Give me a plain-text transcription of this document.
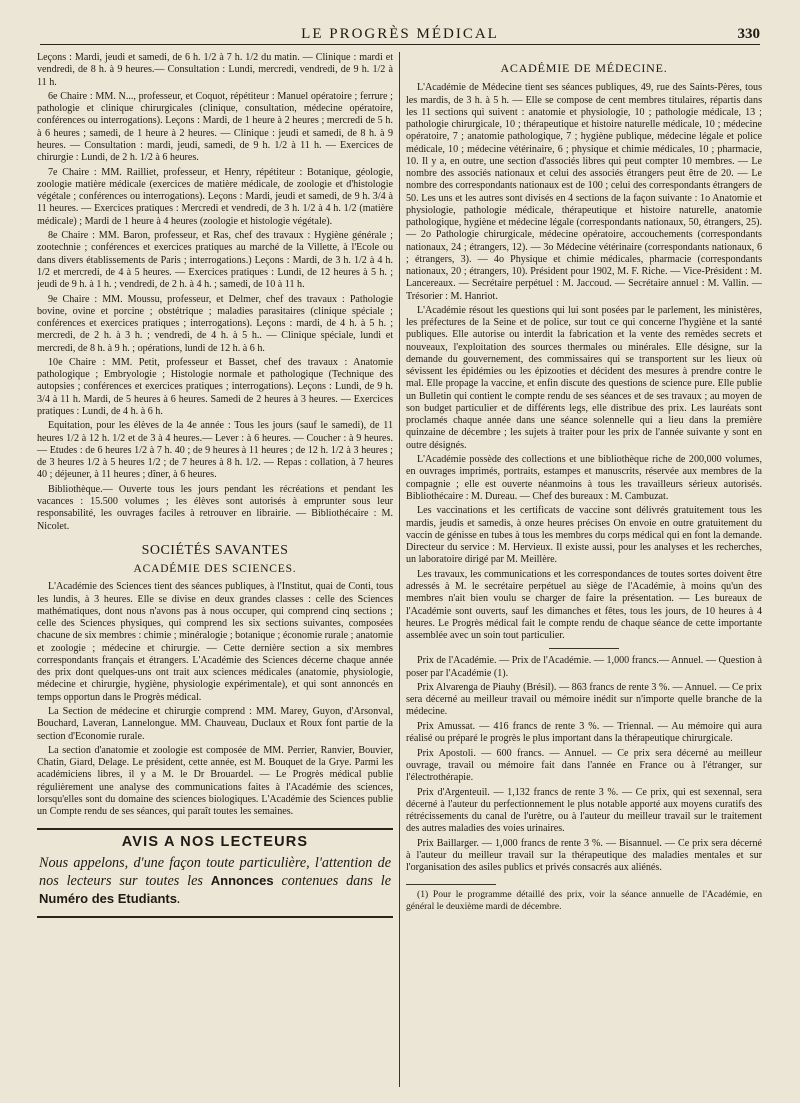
LE PROGRÈS MÉDICAL	330

Leçons : Mardi, jeudi et samedi, de 6 h. 1/2 à 7 h. 1/2 du matin. — Clinique : mardi et vendredi, de 8 h. à 9 heures.— Consultation : Lundi, mercredi, vendredi, de 9 h. 1/2 à 11 h.

6e Chaire : MM. N..., professeur, et Coquot, répétiteur : Manuel opératoire ; ferrure ; pathologie et clinique chirurgicales (clinique, consultation, médecine opératoire, conférences ou interrogations). Leçons : Mardi, de 1 heure à 2 heures ; mercredi de 5 h. à 6 heures ; samedi, de 1 heure à 2 heures. — Clinique : jeudi et samedi, de 8 h. à 9 heures. — Consultation : mardi, jeudi, samedi, de 9 h. 1/2 à 11 h. — Exercices de chirurgie : Lundi, de 2 h. 1/2 à 6 heures.

7e Chaire : MM. Railliet, professeur, et Henry, répétiteur : Botanique, géologie, zoologie matière médicale (exercices de matière médicale, de zoologie et d'histologie végétale ; conférences ou interrogations). Leçons : Mardi, jeudi et samedi, de 9 h. 3/4 à 11 heures. — Exercices pratiques : Mercredi et vendredi, de 3 h. 1/2 à 4 h. 1/2 (matière médicale) ; Mardi de 1 heure à 4 heures (zoologie et histologie végétale).

8e Chaire : MM. Baron, professeur, et Ras, chef des travaux : Hygiène générale ; zootechnie ; conférences et exercices pratiques au marché de la Villette, à l'Ecole ou dans divers établissements de Paris ; interrogations.) Leçons : Mardi, de 3 h. 1/2 à 4 h. 1/2 et mercredi, de 4 à 5 heures. — Exercices pratiques : Lundi, de 12 heures à 5 h. ; jeudi de 9 h. à 1 h. ; vendredi, de 2 h. à 4 h. ; samedi, de 10 à 11 h.

9e Chaire : MM. Moussu, professeur, et Delmer, chef des travaux : Pathologie bovine, ovine et porcine ; obstétrique ; maladies parasitaires (clinique spéciale ; conférences et exercices pratiques ; interrogations). Leçons : mardi, de 4 h. à 5 h. ; mercredi, de 2 h. à 3 h. ; vendredi, de 4 h. à 5 h.. — Clinique spéciale, lundi et mercredi, de 8 h. à 9 h. ; opérations, lundi de 12 h. à 6 h.

10e Chaire : MM. Petit, professeur et Basset, chef des travaux : Anatomie pathologique ; Embryologie ; Histologie normale et pathologique (Technique des autopsies ; conférences et exercices pratiques ; interrogations). Leçons : Lundi, de 9 h. 3/4 à 11 h. Mardi, de 5 heures à 6 heures. Samedi de 2 heures à 3 heures. — Exercices pratiques : Lundi, de 4 h. à 6 h.

Equitation, pour les élèves de la 4e année : Tous les jours (sauf le samedi), de 11 heures 1/2 à 12 h. 1/2 et de 3 à 4 heures.— Lever : à 6 heures. — Coucher : à 9 heures. — Etudes : de 6 heures 1/2 à 7 h. 40 ; de 9 heures à 11 heures ; de 12 h. 1/2 à 3 heures ; de 3 heures 1/2 à 5 heures 1/2 ; de 7 heures à 8 h. 1/2. — Repas : collation, à 7 heures 40 ; déjeuner, à 11 heures ; dîner, à 6 heures.

Bibliothèque.— Ouverte tous les jours pendant les récréations et pendant les vacances : 15.500 volumes ; les élèves sont autorisés à emprunter sous leur responsabilité, les ouvrages faciles à retrouver en librairie. — Bibliothécaire : M. Nicolet.

SOCIÉTÉS SAVANTES
ACADÉMIE DES SCIENCES.

L'Académie des Sciences tient des séances publiques, à l'Institut, quai de Conti, tous les lundis, à 3 heures. Elle se divise en deux grandes classes : celle des Sciences mathématiques, dont nous n'avons pas à nous occuper, qui comprend cinq sections ; celle des Sciences physiques, qui comprend les six sections suivantes, composées chacune de six membres : chimie ; minéralogie ; botanique ; économie rurale ; anatomie et zoologie ; médecine et chirurgie. — Cette dernière section a six membres correspondants français et étrangers. L'Académie des Sciences décerne chaque année des prix dont quelques-uns ont trait aux sciences médicales (anatomie, physiologie, médecine et chirurgie, hygiène, physiologie expérimentale), et qui sont annoncés en temps opportun dans le Progrès médical.

La Section de médecine et chirurgie comprend : MM. Marey, Guyon, d'Arsonval, Bouchard, Laveran, Lannelongue. MM. Chauveau, Duclaux et Roux font partie de la section d'Economie rurale.

La section d'anatomie et zoologie est composée de MM. Perrier, Ranvier, Bouvier, Chatin, Giard, Delage. Le président, cette année, est M. Bouquet de la Grye. Parmi les académiciens libres, il y a M. le Dr Brouardel. — Le Progrès médical publie régulièrement une analyse des communications faites à l'Académie des sciences, lorsqu'elles sont du domaine des sciences biologiques. L'Académie des Sciences publie un Compte rendu de ses séances, qui paraît toutes les semaines.

AVIS A NOS LECTEURS
Nous appelons, d'une façon toute particulière, l'attention de nos lecteurs sur toutes les Annonces contenues dans le Numéro des Etudiants.
ACADÉMIE DE MÉDECINE.

L'Académie de Médecine tient ses séances publiques, 49, rue des Saints-Pères, tous les mardis, de 3 h. à 5 h. — Elle se compose de cent membres titulaires, répartis dans les 11 sections qui suivent : anatomie et physiologie, 10 ; pathologie médicale, 13 ; pathologie chirurgicale, 10 ; thérapeutique et histoire naturelle médicale, 10 ; médecine opératoire, 7 ; anatomie pathologique, 7 ; hygiène publique, médecine légale et police médicale, 10 ; médecine vétérinaire, 6 ; physique et chimie médicales, 10 ; pharmacie, 10. Il y a, en outre, une section d'associés libres qui peut compter 10 membres. — Le nombre des associés nationaux et celui des associés étrangers peut être de 20. — Le nombre des correspondants nationaux est de 100 ; celui des correspondants étrangers de 50. Les uns et les autres sont divisés en 4 sections de la façon suivante : 1o Anatomie et physiologie, pathologie médicale, thérapeutique et histoire naturelle, anatomie pathologique, hygiène et médecine légale (correspondants nationaux, 50, étrangers, 25). — 2o Pathologie chirurgicale, médecine opératoire, accouchements (correspondants nationaux, 24 ; étrangers, 12). — 3o Médecine vétérinaire (correspondants nationaux, 6 ; étrangers, 3). — 4o Physique et chimie médicales, pharmacie (correspondants nationaux, 20 ; étrangers, 10). Président pour 1902, M. F. Riche. — Vice-Président : M. Lancereaux. — Secrétaire perpétuel : M. Jaccoud. — Secrétaire annuel : M. Vallin. — Trésorier : M. Hanriot.

L'Académie résout les questions qui lui sont posées par le parlement, les ministères, les préfectures de la Seine et de police, sur tout ce qui concerne l'hygiène et la santé publiques. Elle autorise ou interdit la fabrication et la vente des remèdes secrets et nouveaux, l'exploitation des sources thermales ou minérales. Elle désigne, sur la demande du gouvernement, des commissaires qui se transportent sur les lieux où sévissent les épidémies ou les épizooties et décident des mesures à prendre contre le mal. Elle propage la vaccine, et enfin discute des questions de science pure. Elle publie un Bulletin qui contient le compte rendu de ses séances et de ses travaux ; au moyen de son budget particulier et de différents legs, elle distribue des prix. Les lauréats sont proclamés chaque année dans une séance solennelle qui a lieu dans la première quinzaine de décembre ; les sujets à traiter pour les prix de l'année suivante y sont en outre désignés.

L'Académie possède des collections et une bibliothèque riche de 200,000 volumes, en ouvrages imprimés, portraits, estampes et manuscrits, réservée aux membres de la compagnie ; elle est ouverte néanmoins à tous les travailleurs sérieux autorisés. Bibliothécaire : M. Dureau. — Chef des bureaux : M. Cambuzat.

Les vaccinations et les certificats de vaccine sont délivrés gratuitement tous les mardis, jeudis et samedis, à onze heures précises On envoie en outre gratuitement du vaccin de génisse en tubes à tous les membres du corps médical qui en font la demande. Directeur du service : M. Hervieux. Il existe aussi, pour les analyses et les recherches, un laboratoire dirigé par M. Meillère.

Les travaux, les communications et les correspondances de toutes sortes doivent être adressés à M. le secrétaire perpétuel au siège de l'Académie, à moins qu'un des membres n'ait bien voulu se charger de faire la présentation. — Les bureaux de l'Académie sont ouverts, sauf les dimanches et fêtes, tous les jours, de 10 heures à 4 heures. Le Progrès médical fait le compte rendu de chaque séance de cette importante assemblée avec un soin tout particulier.

Prix de l'Académie. — Prix de l'Académie. — 1,000 francs.— Annuel. — Question à poser par l'Académie (1).

Prix Alvarenga de Piauhy (Brésil). — 863 francs de rente 3 %. — Annuel. — Ce prix sera décerné au meilleur travail ou mémoire inédit sur n'importe quelle branche de la médecine.

Prix Amussat. — 416 francs de rente 3 %. — Triennal. — Au mémoire qui aura réalisé ou préparé le progrès le plus important dans la thérapeutique chirurgicale.

Prix Apostoli. — 600 francs. — Annuel. — Ce prix sera décerné au meilleur ouvrage, travail ou mémoire fait dans l'année en France ou à l'étranger, sur l'électrothérapie.

Prix d'Argenteuil. — 1,132 francs de rente 3 %. — Ce prix, qui est sexennal, sera décerné à l'auteur du perfectionnement le plus notable apporté aux moyens curatifs des rétrécissements du canal de l'urètre, ou à l'auteur du meilleur travail sur le traitement des autres maladies des voies urinaires.

Prix Baillarger. — 1,000 francs de rente 3 %. — Bisannuel. — Ce prix sera décerné à l'auteur du meilleur travail sur la thérapeutique des maladies mentales et sur l'organisation des asiles publics et privés consacrés aux aliénés.

(1) Pour le programme détaillé des prix, voir la séance annuelle de l'Académie, en général le deuxième mardi de décembre.
